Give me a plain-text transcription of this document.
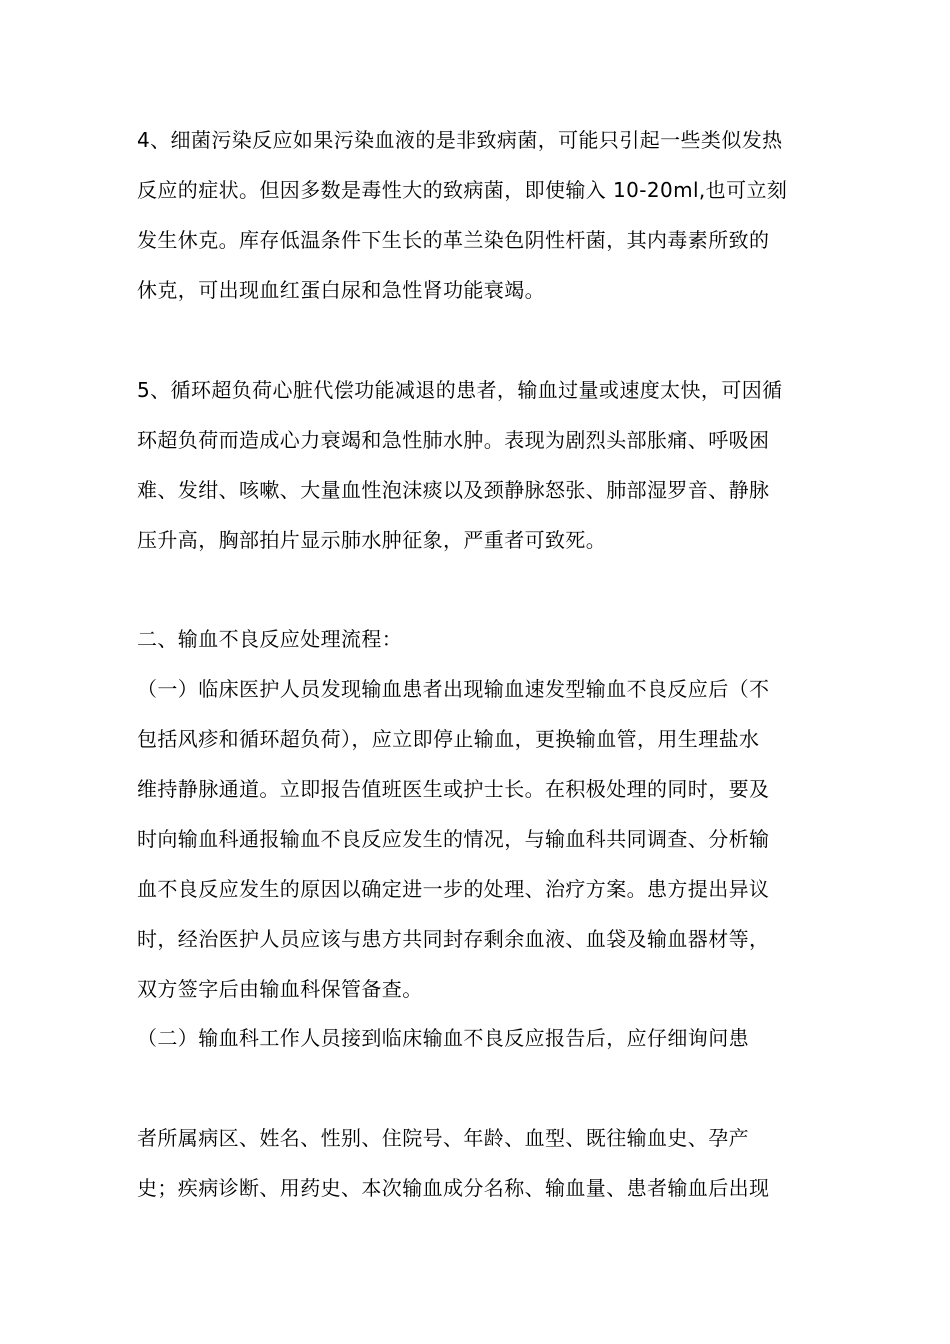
4、细菌污染反应如果污染血液的是非致病菌，可能只引起一些类似发热
反应的症状。但因多数是毒性大的致病菌，即使输入 10-20ml,也可立刻
发生休克。库存低温条件下生长的革兰染色阴性杆菌，其内毒素所致的
休克，可出现血红蛋白尿和急性肾功能衰竭。
5、循环超负荷心脏代偿功能减退的患者，输血过量或速度太快，可因循
环超负荷而造成心力衰竭和急性肺水肿。表现为剧烈头部胀痛、呼吸困
难、发绀、咳嗽、大量血性泡沫痰以及颈静脉怒张、肺部湿罗音、静脉
压升高，胸部拍片显示肺水肿征象，严重者可致死。
二、输血不良反应处理流程：
（一）临床医护人员发现输血患者出现输血速发型输血不良反应后（不
包括风疹和循环超负荷），应立即停止输血，更换输血管，用生理盐水
维持静脉通道。立即报告值班医生或护士长。在积极处理的同时，要及
时向输血科通报输血不良反应发生的情况，与输血科共同调查、分析输
血不良反应发生的原因以确定进一步的处理、治疗方案。患方提出异议
时，经治医护人员应该与患方共同封存剩余血液、血袋及输血器材等，
双方签字后由输血科保管备查。
（二）输血科工作人员接到临床输血不良反应报告后，应仔细询问患
者所属病区、姓名、性别、住院号、年龄、血型、既往输血史、孕产
史；疾病诊断、用药史、本次输血成分名称、输血量、患者输血后出现
